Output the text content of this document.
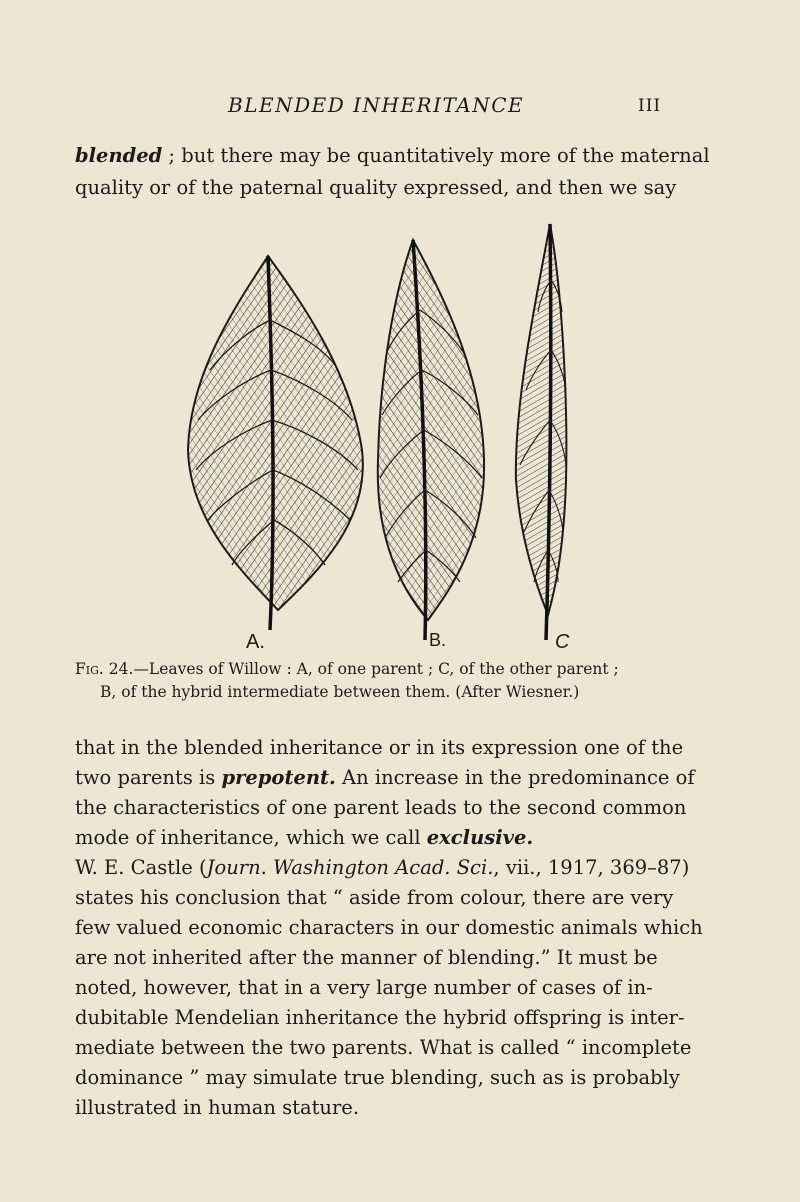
BLENDED INHERITANCE	III
blended ; but there may be quantitatively more of the maternal
quality or of the paternal quality expressed, and then we say
A.	B.	C
Fig. 24.—Leaves of Willow : A, of one parent ; C, of the other parent ;
B, of the hybrid intermediate between them. (After Wiesner.)
that in the blended inheritance or in its expression one of the
two parents is prepotent. An increase in the predominance of
the characteristics of one parent leads to the second common
mode of inheritance, which we call exclusive.
W. E. Castle (Journ. Washington Acad. Sci., vii., 1917, 369–87)
states his conclusion that “ aside from colour, there are very
few valued economic characters in our domestic animals which
are not inherited after the manner of blending.” It must be
noted, however, that in a very large number of cases of in-
dubitable Mendelian inheritance the hybrid offspring is inter-
mediate between the two parents. What is called “ incomplete
dominance ” may simulate true blending, such as is probably
illustrated in human stature.
